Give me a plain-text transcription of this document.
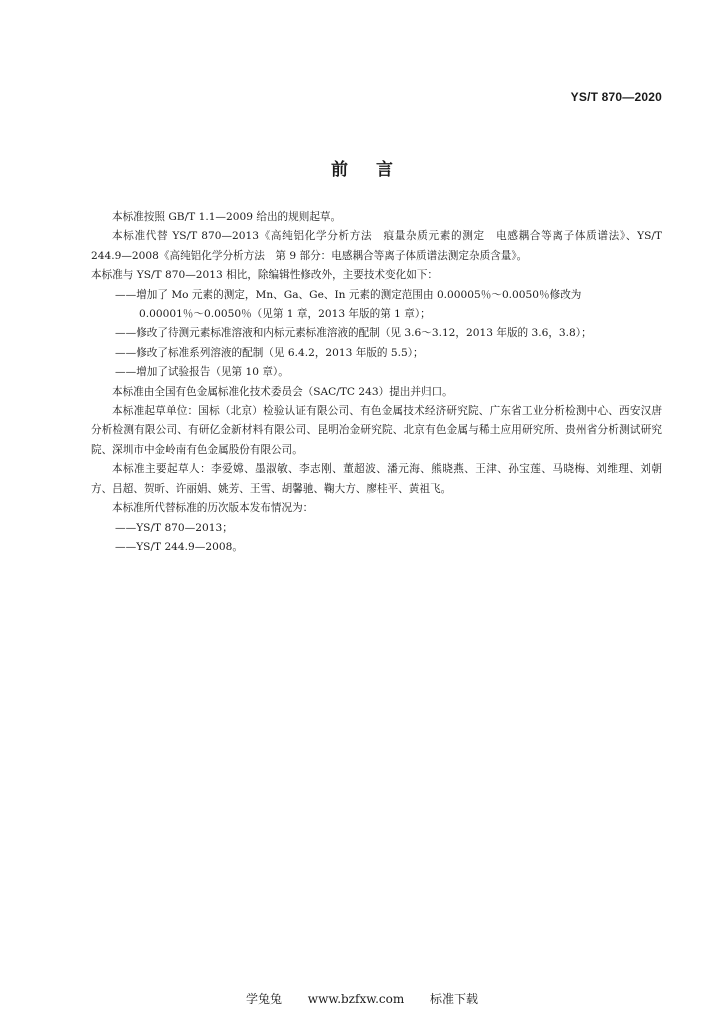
YS/T 870—2020
前言

本标准按照 GB/T 1.1—2009 给出的规则起草。

本标准代替 YS/T 870—2013《高纯铝化学分析方法　痕量杂质元素的测定　电感耦合等离子体质谱法》、YS/T 244.9—2008《高纯铝化学分析方法　第 9 部分：电感耦合等离子体质谱法测定杂质含量》。

本标准与 YS/T 870—2013 相比，除编辑性修改外，主要技术变化如下：

——增加了 Mo 元素的测定，Mn、Ga、Ge、In 元素的测定范围由 0.00005％～0.0050％修改为

0.00001％～0.0050％（见第 1 章，2013 年版的第 1 章）；

——修改了待测元素标准溶液和内标元素标准溶液的配制（见 3.6～3.12，2013 年版的 3.6，3.8）；

——修改了标准系列溶液的配制（见 6.4.2，2013 年版的 5.5）；

——增加了试验报告（见第 10 章）。

本标准由全国有色金属标准化技术委员会（SAC/TC 243）提出并归口。

本标准起草单位：国标（北京）检验认证有限公司、有色金属技术经济研究院、广东省工业分析检测中心、西安汉唐分析检测有限公司、有研亿金新材料有限公司、昆明冶金研究院、北京有色金属与稀土应用研究所、贵州省分析测试研究院、深圳市中金岭南有色金属股份有限公司。

本标准主要起草人：李爱嫦、墨淑敏、李志刚、董超波、潘元海、熊晓燕、王津、孙宝莲、马晓梅、刘维理、刘朝方、吕超、贺昕、许丽娟、姚芳、王雪、胡馨驰、鞠大方、廖桂平、黄祖飞。

本标准所代替标准的历次版本发布情况为：

——YS/T 870—2013；

——YS/T 244.9—2008。

学兔兔 www.bzfxw.com 标准下载
